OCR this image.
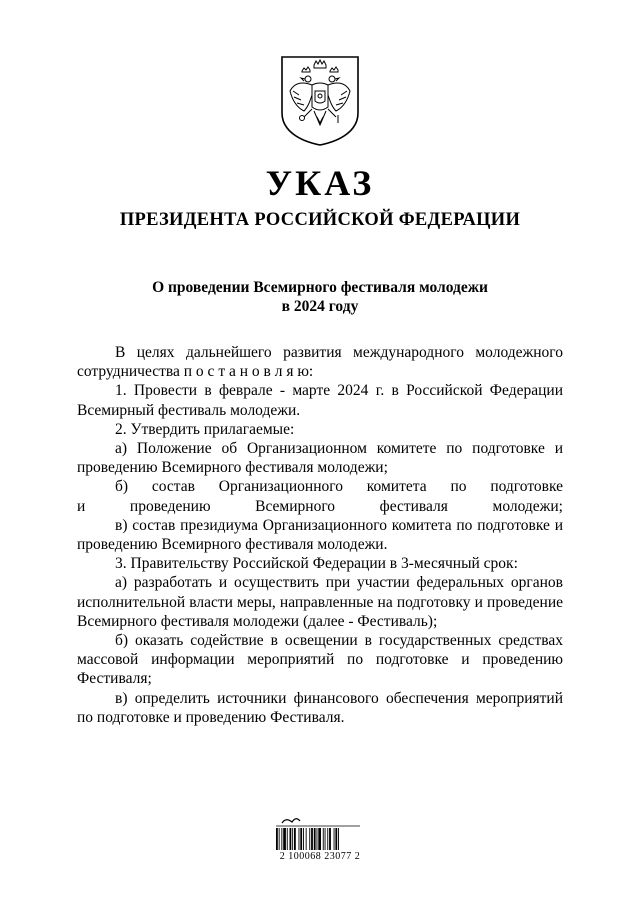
УКАЗ
ПРЕЗИДЕНТА РОССИЙСКОЙ ФЕДЕРАЦИИ
О проведении Всемирного фестиваля молодежи
в 2024 году

В целях дальнейшего развития международного молодежного сотрудничества п о с т а н о в л я ю:

1. Провести в феврале - марте 2024 г. в Российской Федерации Всемирный фестиваль молодежи.

2. Утвердить прилагаемые:

а) Положение об Организационном комитете по подготовке и проведению Всемирного фестиваля молодежи;

б) состав Организационного комитета по подготовке
и проведению Всемирного фестиваля молодежи;

в) состав президиума Организационного комитета по подготовке и проведению Всемирного фестиваля молодежи.

3. Правительству Российской Федерации в 3-месячный срок:

а) разработать и осуществить при участии федеральных органов исполнительной власти меры, направленные на подготовку и проведение Всемирного фестиваля молодежи (далее - Фестиваль);

б) оказать содействие в освещении в государственных средствах массовой информации мероприятий по подготовке и проведению Фестиваля;

в) определить источники финансового обеспечения мероприятий по подготовке и проведению Фестиваля.

2 100068 23077 2
